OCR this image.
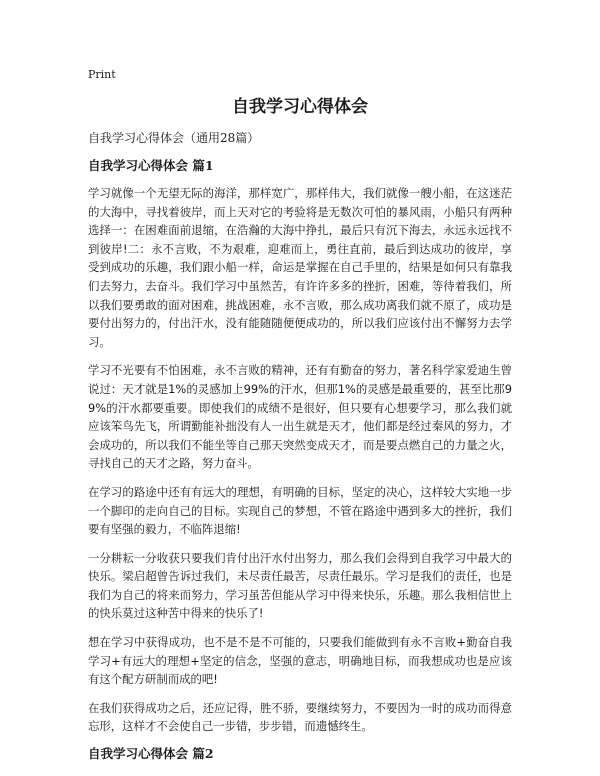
Print
自我学习心得体会
自我学习心得体会（通用28篇）
自我学习心得体会 篇1

学习就像一个无望无际的海洋，那样宽广，那样伟大，我们就像一艘小船，在这迷茫的大海中，寻找着彼岸，而上天对它的考验将是无数次可怕的暴风雨，小船只有两种选择一：在困难面前退缩，在浩瀚的大海中挣扎，最后只有沉下海去，永远永远找不到彼岸!二：永不言败，不为艰难，迎难而上，勇往直前，最后到达成功的彼岸，享受到成功的乐趣，我们跟小船一样，命运是掌握在自己手里的，结果是如何只有靠我们去努力，去奋斗。我们学习中虽然苦，有许许多多的挫折，困难，等待着我们，所以我们要勇敢的面对困难，挑战困难，永不言败，那么成功离我们就不原了，成功是要付出努力的，付出汗水，没有能随随便便成功的，所以我们应该付出不懈努力去学习。

学习不光要有不怕困难，永不言败的精神，还有有勤奋的努力，著名科学家爱迪生曾说过：天才就是1%的灵感加上99%的汗水，但那1%的灵感是最重要的，甚至比那99%的汗水都要重要。即使我们的成绩不是很好，但只要有心想要学习，那么我们就应该笨鸟先飞，所谓勤能补拙没有人一出生就是天才，他们都是经过秦风的努力，才会成功的，所以我们不能坐等自己那天突然变成天才，而是要点燃自己的力量之火，寻找自己的天才之路，努力奋斗。

在学习的路途中还有有远大的理想，有明确的目标，坚定的决心，这样较大实地一步一个脚印的走向自己的目标。实现自己的梦想，不管在路途中遇到多大的挫折，我们要有坚强的毅力，不临阵退缩!

一分耕耘一分收获只要我们肯付出汗水付出努力，那么我们会得到自我学习中最大的快乐。梁启超曾告诉过我们，未尽责任最苦，尽责任最乐。学习是我们的责任，也是我们为自己的将来而努力，学习虽苦但能从学习中得来快乐，乐趣。那么我相信世上的快乐莫过这种苦中得来的快乐了!

想在学习中获得成功，也不是不是不可能的，只要我们能做到有永不言败+勤奋自我学习+有远大的理想+坚定的信念，坚强的意志，明确地目标，而我想成功也是应该有这个配方研制而成的吧!

在我们获得成功之后，还应记得，胜不骄，要继续努力，不要因为一时的成功而得意忘形，这样才不会使自己一步错，步步错，而遗憾终生。

自我学习心得体会 篇2
